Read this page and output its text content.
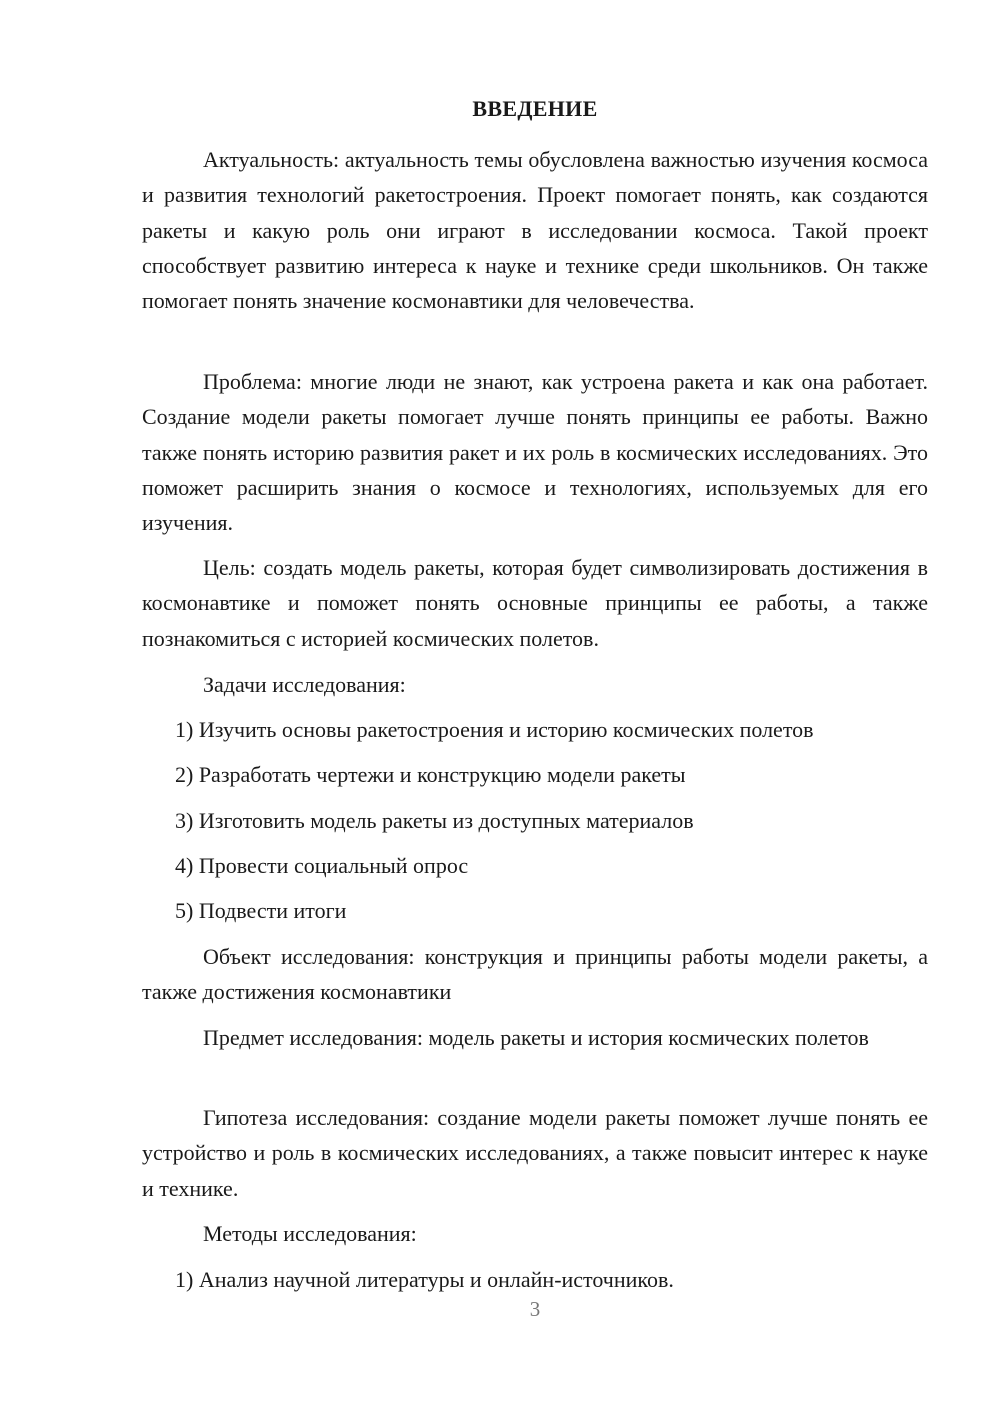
ВВЕДЕНИЕ
Актуальность: актуальность темы обусловлена важностью изучения космоса и развития технологий ракетостроения. Проект помогает понять, как создаются ракеты и какую роль они играют в исследовании космоса. Такой проект способствует развитию интереса к науке и технике среди школьников. Он также помогает понять значение космонавтики для человечества.
Проблема: многие люди не знают, как устроена ракета и как она работает. Создание модели ракеты помогает лучше понять принципы ее работы. Важно также понять историю развития ракет и их роль в космических исследованиях. Это поможет расширить знания о космосе и технологиях, используемых для его изучения.
Цель: создать модель ракеты, которая будет символизировать достижения в космонавтике и поможет понять основные принципы ее работы, а также познакомиться с историей космических полетов.
Задачи исследования:
1) Изучить основы ракетостроения и историю космических полетов
2) Разработать чертежи и конструкцию модели ракеты
3) Изготовить модель ракеты из доступных материалов
4) Провести социальный опрос
5) Подвести итоги
Объект исследования: конструкция и принципы работы модели ракеты, а также достижения космонавтики
Предмет исследования: модель ракеты и история космических полетов
Гипотеза исследования: создание модели ракеты поможет лучше понять ее устройство и роль в космических исследованиях, а также повысит интерес к науке и технике.
Методы исследования:
1) Анализ научной литературы и онлайн-источников.
3
